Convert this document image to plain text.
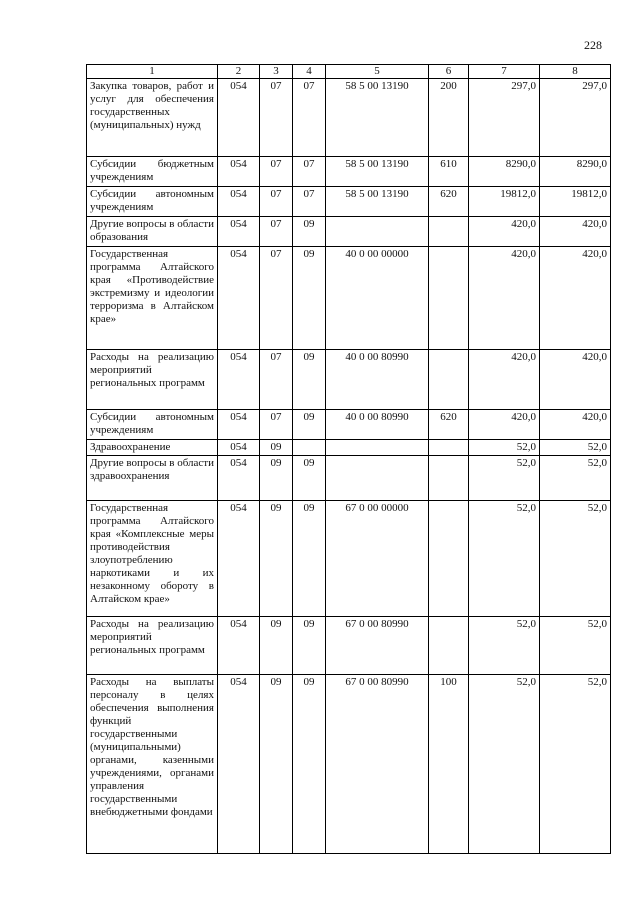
228
1	2	3	4	5	6	7	8
Закупка товаров, работ и услуг для обеспечения государственных (муниципальных) нужд	054	07	07	58 5 00 13190	200	297,0	297,0
Субсидии бюджетным учреждениям	054	07	07	58 5 00 13190	610	8290,0	8290,0
Субсидии автономным учреждениям	054	07	07	58 5 00 13190	620	19812,0	19812,0
Другие вопросы в области образования	054	07	09			420,0	420,0
Государственная программа Алтайского края «Противодействие экстремизму и идеологии терроризма в Алтайском крае»	054	07	09	40 0 00 00000		420,0	420,0
Расходы на реализацию мероприятий региональных программ	054	07	09	40 0 00 80990		420,0	420,0
Субсидии автономным учреждениям	054	07	09	40 0 00 80990	620	420,0	420,0
Здравоохранение	054	09				52,0	52,0
Другие вопросы в области здравоохранения	054	09	09			52,0	52,0
Государственная программа Алтайского края «Комплексные меры противодействия злоупотреблению наркотиками и их незаконному обороту в Алтайском крае»	054	09	09	67 0 00 00000		52,0	52,0
Расходы на реализацию мероприятий региональных программ	054	09	09	67 0 00 80990		52,0	52,0
Расходы на выплаты персоналу в целях обеспечения выполнения функций государственными (муниципальными) органами, казенными учреждениями, органами управления государственными внебюджетными фондами	054	09	09	67 0 00 80990	100	52,0	52,0
